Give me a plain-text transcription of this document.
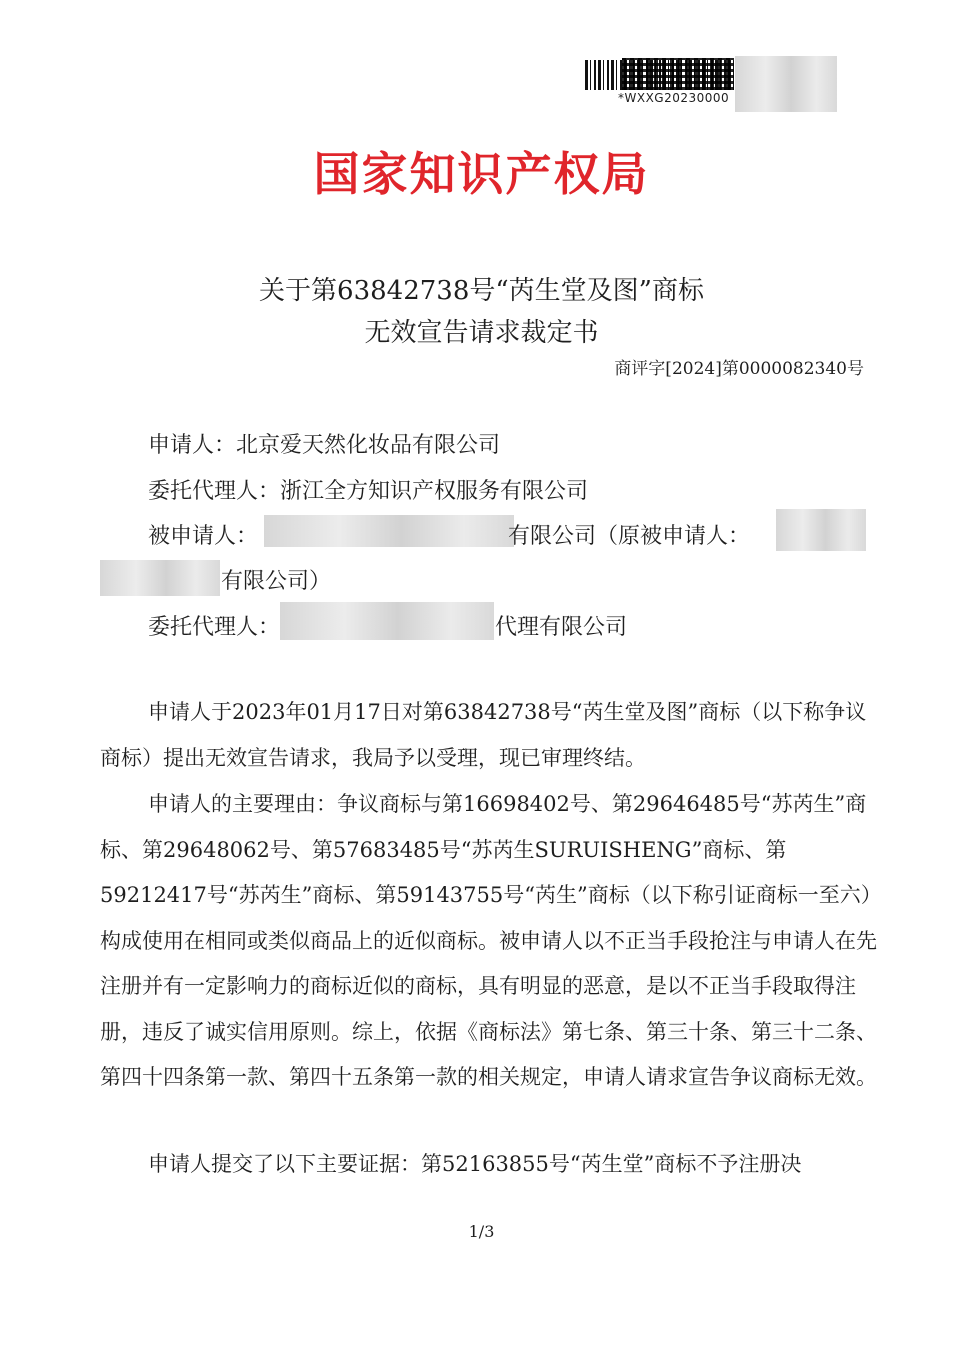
*WXXG20230000
国家知识产权局
关于第63842738号“芮生堂及图”商标
无效宣告请求裁定书
商评字[2024]第0000082340号
申请人：北京爱天然化妆品有限公司
委托代理人：浙江全方知识产权服务有限公司
被申请人：	有限公司（原被申请人：
有限公司）
委托代理人：	代理有限公司

申请人于2023年01月17日对第63842738号“芮生堂及图”商标（以下称争议商标）提出无效宣告请求，我局予以受理，现已审理终结。

申请人的主要理由：争议商标与第16698402号、第29646485号“苏芮生”商标、第29648062号、第57683485号“苏芮生SURUISHENG”商标、第59212417号“苏芮生”商标、第59143755号“芮生”商标（以下称引证商标一至六）构成使用在相同或类似商品上的近似商标。被申请人以不正当手段抢注与申请人在先注册并有一定影响力的商标近似的商标，具有明显的恶意，是以不正当手段取得注册，违反了诚实信用原则。综上，依据《商标法》第七条、第三十条、第三十二条、第四十四条第一款、第四十五条第一款的相关规定，申请人请求宣告争议商标无效。

申请人提交了以下主要证据：第52163855号“芮生堂”商标不予注册决

1/3
